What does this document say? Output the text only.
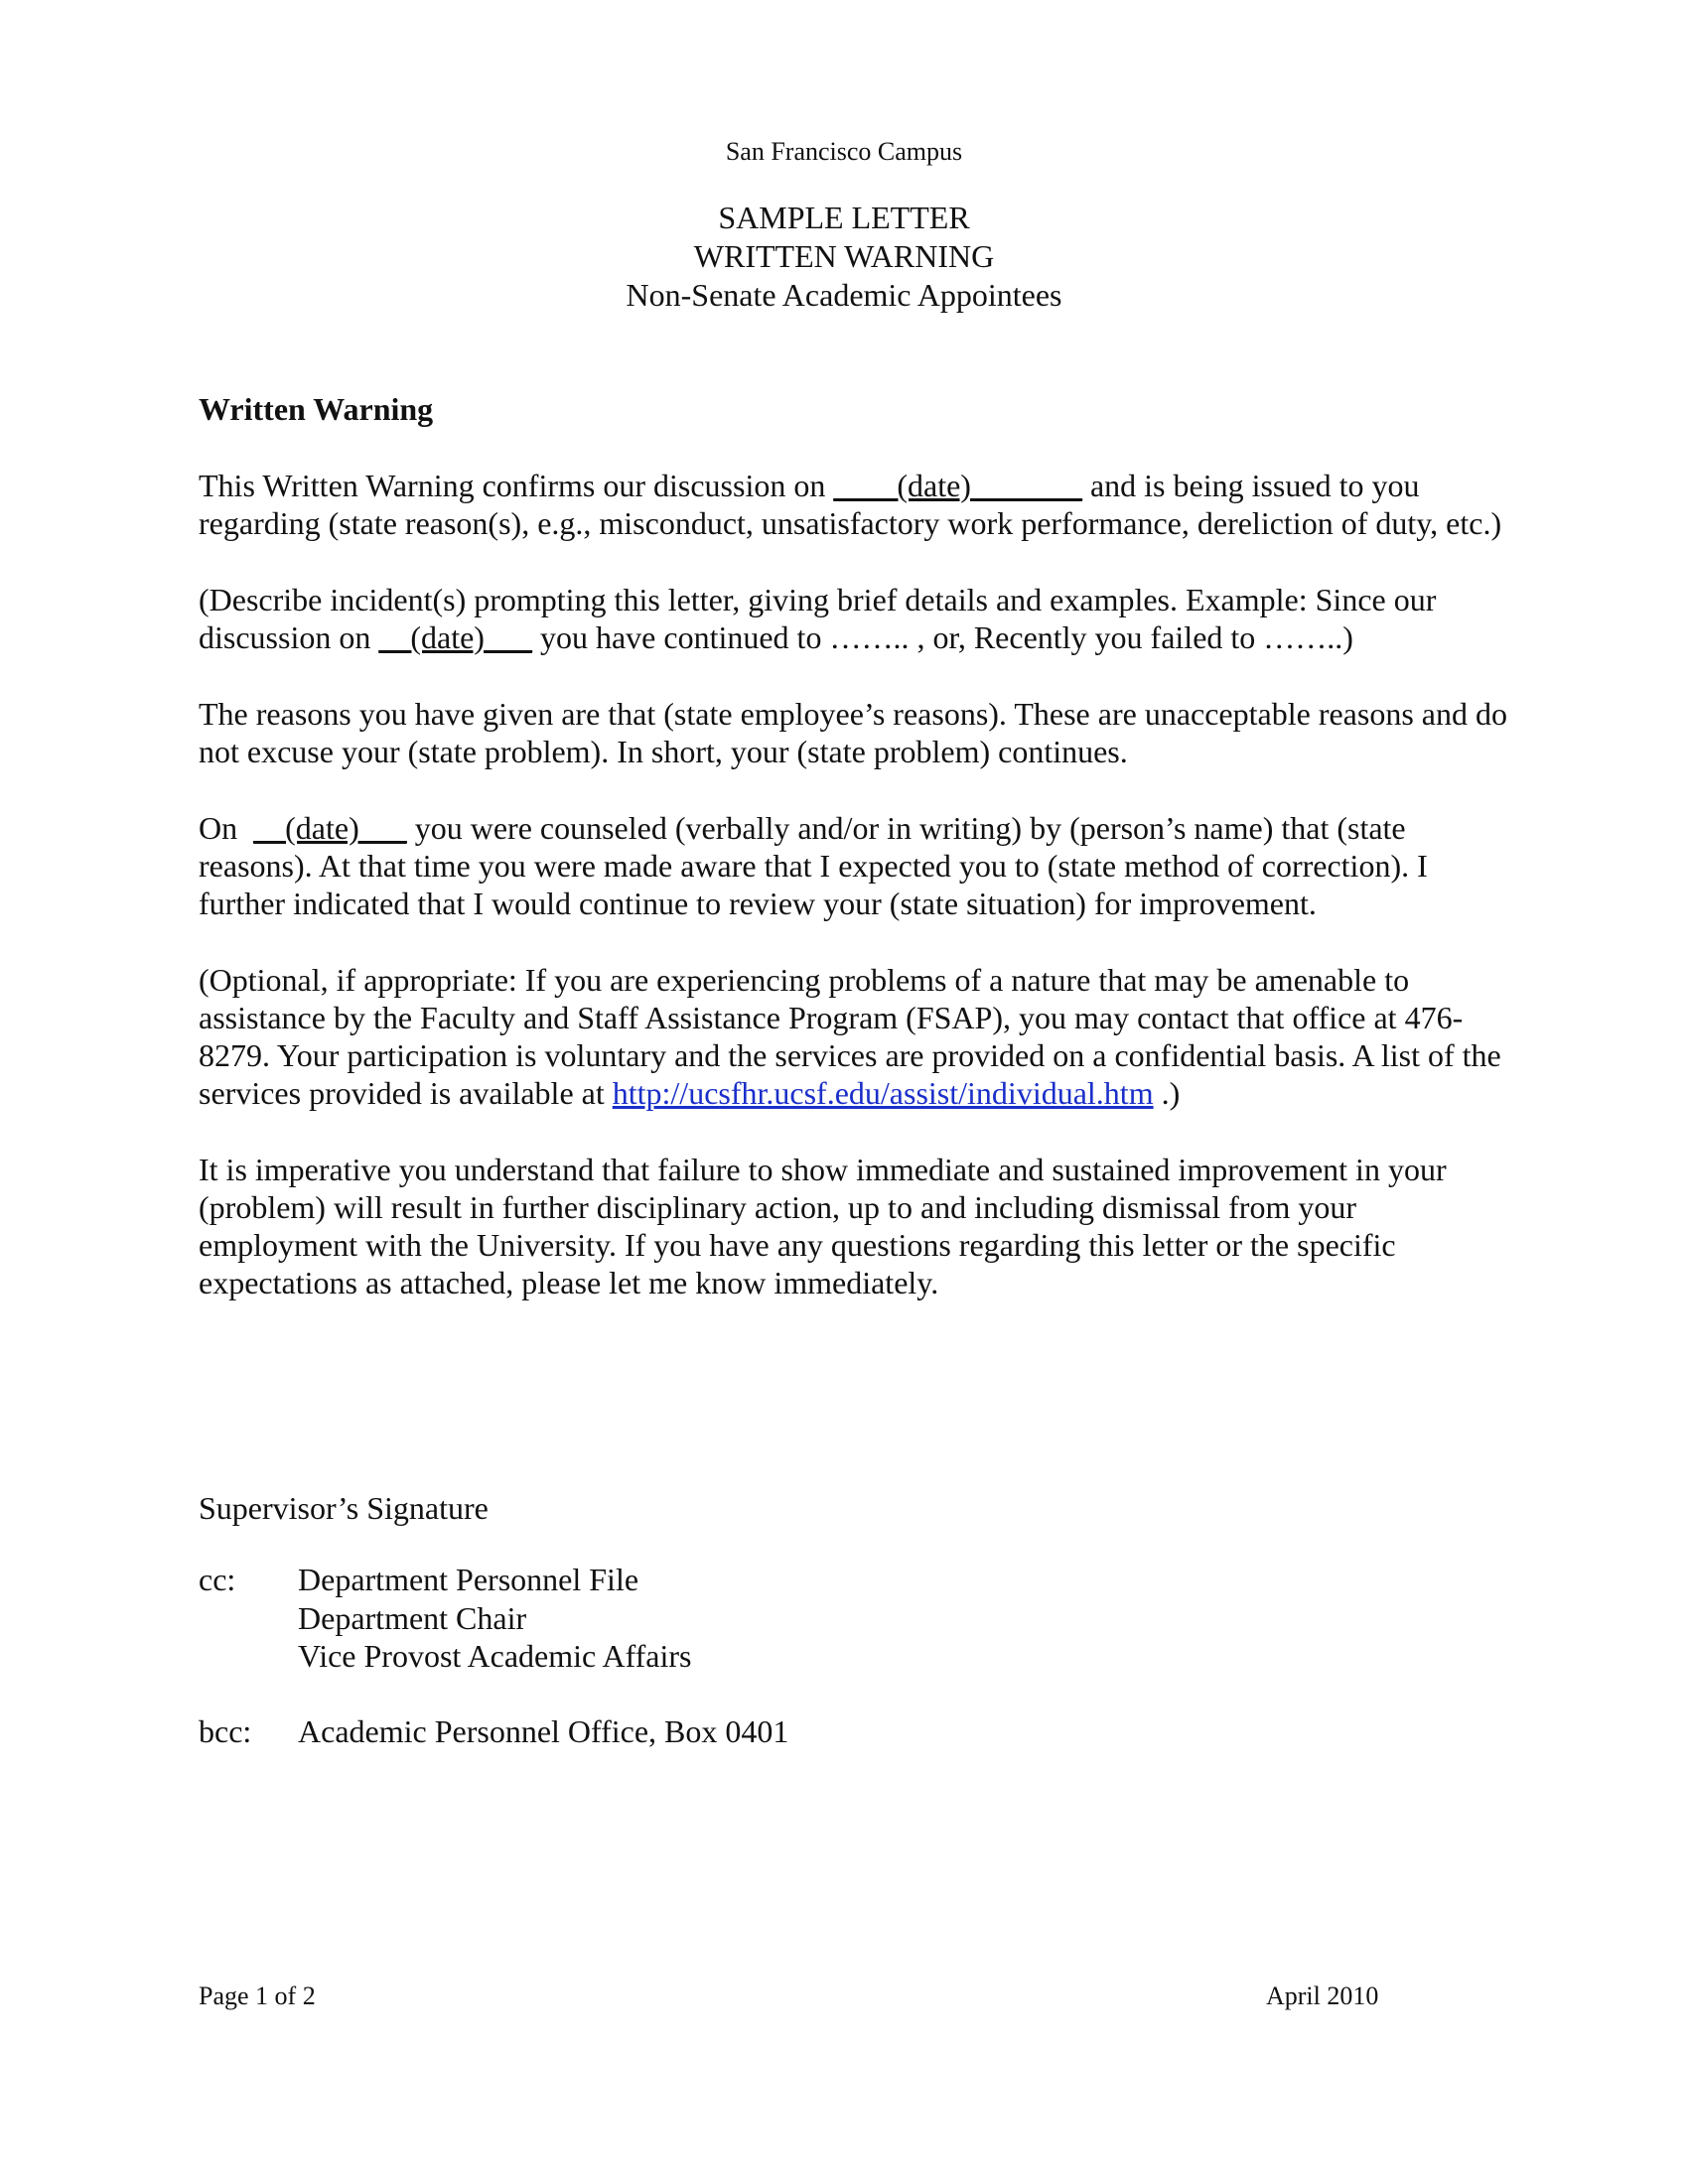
San Francisco Campus
SAMPLE LETTER
WRITTEN WARNING
Non-Senate Academic Appointees
Written Warning
This Written Warning confirms our discussion on ____(date)_______ and is being issued to you regarding (state reason(s), e.g., misconduct, unsatisfactory work performance, dereliction of duty, etc.)
(Describe incident(s) prompting this letter, giving brief details and examples. Example: Since our discussion on __(date)___ you have continued to …….. , or, Recently you failed to ……..)
The reasons you have given are that (state employee’s reasons). These are unacceptable reasons and do not excuse your (state problem). In short, your (state problem) continues.
On  __(date)___ you were counseled (verbally and/or in writing) by (person’s name) that (state reasons). At that time you were made aware that I expected you to (state method of correction). I further indicated that I would continue to review your (state situation) for improvement.
(Optional, if appropriate: If you are experiencing problems of a nature that may be amenable to assistance by the Faculty and Staff Assistance Program (FSAP), you may contact that office at 476-8279. Your participation is voluntary and the services are provided on a confidential basis. A list of the services provided is available at http://ucsfhr.ucsf.edu/assist/individual.htm .)
It is imperative you understand that failure to show immediate and sustained improvement in your (problem) will result in further disciplinary action, up to and including dismissal from your employment with the University. If you have any questions regarding this letter or the specific expectations as attached, please let me know immediately.
Supervisor’s Signature
cc: Department Personnel File
Department Chair
Vice Provost Academic Affairs
bcc: Academic Personnel Office, Box 0401
Page 1 of 2	April 2010
